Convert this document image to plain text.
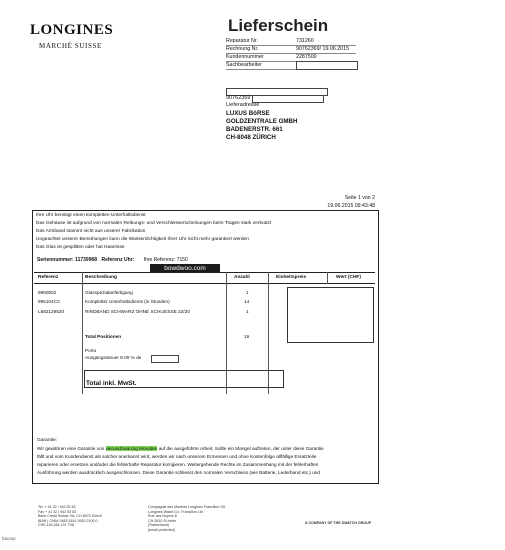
LONGINES
MARCHÉ SUISSE
Lieferschein
Reparatur Nr.	731260
Rechnung Nr.	90762369/ 19.06.2015
Kundennummer	2287500
Sachbearbeiter
90762369
Lieferadresse
LUXUS BöRSE
GOLDZENTRALE GMBH
BADENERSTR. 661
CH-8048 ZÜRICH
Seite 1 von 2
19.06.2015 09:43:48
Ihre Uhr benötigt einen kompletten Unterhaltsdienst
Das Gehäuse ist aufgrund von normalen Reibungs- und Verschleisserscheinungen beim Tragen stark zerkratzt
Das Armband stammt nicht aus unserer Fabrikation
Ungeachtet unserer Bemühungen kann die Wasserdichtigkeit Ihrer Uhr nicht mehr garantiert werden
Das Glas ist gesplitten oder hat Haarrisse
Seriennummer: 11739968 Referenz Uhr: Ihre Referenz: 7150
bowdwoo.com
Referenz	Beschreibung	Anzahl	Einheitspreis	Wert (CHF)
9950502	Glasspezialanfertigung	1
995104CC	Kompletter Unterhaltsdienst (in Stunden)	14
L682129520	RINDBAND SCHWARZ OHNE SCHLIESSE 22/20	1
Total Positionen	16
Porto
Ausgangssteuer 8.00 % de
Total inkl. MwSt.
Garantie:
Wir gewähren eine Garantie von vierundzwanzig Monaten auf die ausgeführte Arbeit. Sollte ein Mangel auftreten, der unter diese Garantie
fällt und vom Kundendienst als solcher anerkannt wird, werden wir nach unserem Ermessen und ohne Kostenfolge allfällige Ersatzteile
reparieren oder ersetzen und/oder die fehlerhafte Reparatur korrigieren. Weitergehende Rechte im Zusammenhang mit der fehlerhaften
Ausführung werden ausdrücklich ausgeschlossen. Diese Garantie schliesst den normalen Verschleiss (wie Batterie, Lederband etc.) und
Tel. + 41 32 / 942 52 52
Fax + 41 32 / 942 53 53
Bank Credit Suisse SA, CH-8070 Zürich
IBAN | CH64 0483 5161 5920 2100 0
CHE-116.284.131 TVA
Compagnie des Montres Longines Francillon SA
Longines Watch Co. Francillon Ltd
Rue des Noyers 8
CH-2610 St-Imier
(Switzerland)
[email protected]
A COMPANY OF THE SWATCH GROUP
bautop
